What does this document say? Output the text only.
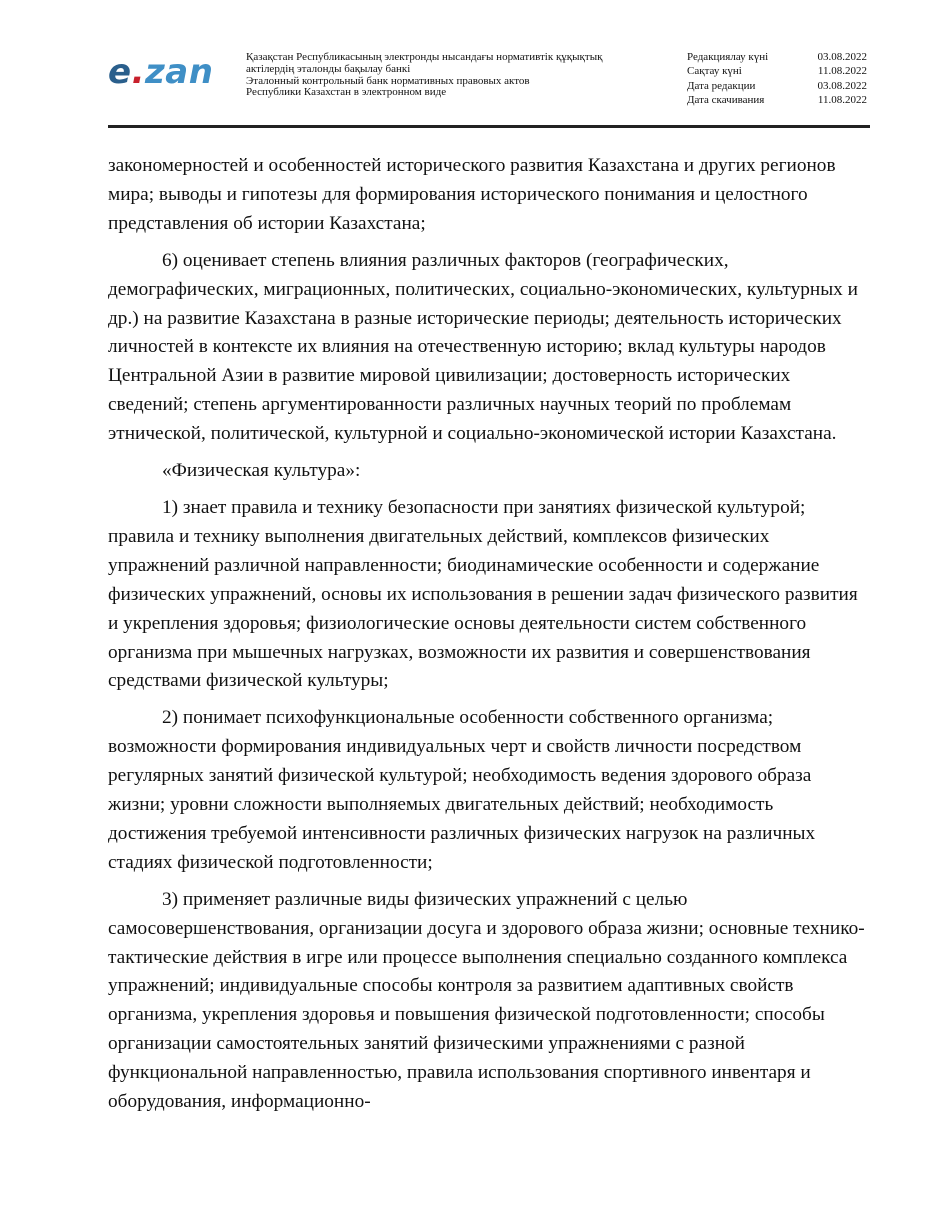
e.zan	Қазақстан Республикасының электронды нысандағы нормативтік құқықтық
актілердің эталонды бақылау банкі
Эталонный контрольный банк нормативных правовых актов
Республики Казахстан в электронном виде
Редакциялау күні	03.08.2022
Сақтау күні	11.08.2022
Дата редакции	03.08.2022
Дата скачивания	11.08.2022

закономерностей и особенностей исторического развития Казахстана и других регионов мира; выводы и гипотезы для формирования исторического понимания и целостного представления об истории Казахстана;

6) оценивает степень влияния различных факторов (географических, демографических, миграционных, политических, социально-экономических, культурных и др.) на развитие Казахстана в разные исторические периоды; деятельность исторических личностей в контексте их влияния на отечественную историю; вклад культуры народов Центральной Азии в развитие мировой цивилизации; достоверность исторических сведений; степень аргументированности различных научных теорий по проблемам этнической, политической, культурной и социально-экономической истории Казахстана.

«Физическая культура»:

1) знает правила и технику безопасности при занятиях физической культурой; правила и технику выполнения двигательных действий, комплексов физических упражнений различной направленности; биодинамические особенности и содержание физических упражнений, основы их использования в решении задач физического развития и укрепления здоровья; физиологические основы деятельности систем собственного организма при мышечных нагрузках, возможности их развития и совершенствования средствами физической культуры;

2) понимает психофункциональные особенности собственного организма; возможности формирования индивидуальных черт и свойств личности посредством регулярных занятий физической культурой; необходимость ведения здорового образа жизни; уровни сложности выполняемых двигательных действий; необходимость достижения требуемой интенсивности различных физических нагрузок на различных стадиях физической подготовленности;

3) применяет различные виды физических упражнений с целью самосовершенствования, организации досуга и здорового образа жизни; основные технико-тактические действия в игре или процессе выполнения специально созданного комплекса упражнений; индивидуальные способы контроля за развитием адаптивных свойств организма, укрепления здоровья и повышения физической подготовленности; способы организации самостоятельных занятий физическими упражнениями с разной функциональной направленностью, правила использования спортивного инвентаря и оборудования, информационно-
